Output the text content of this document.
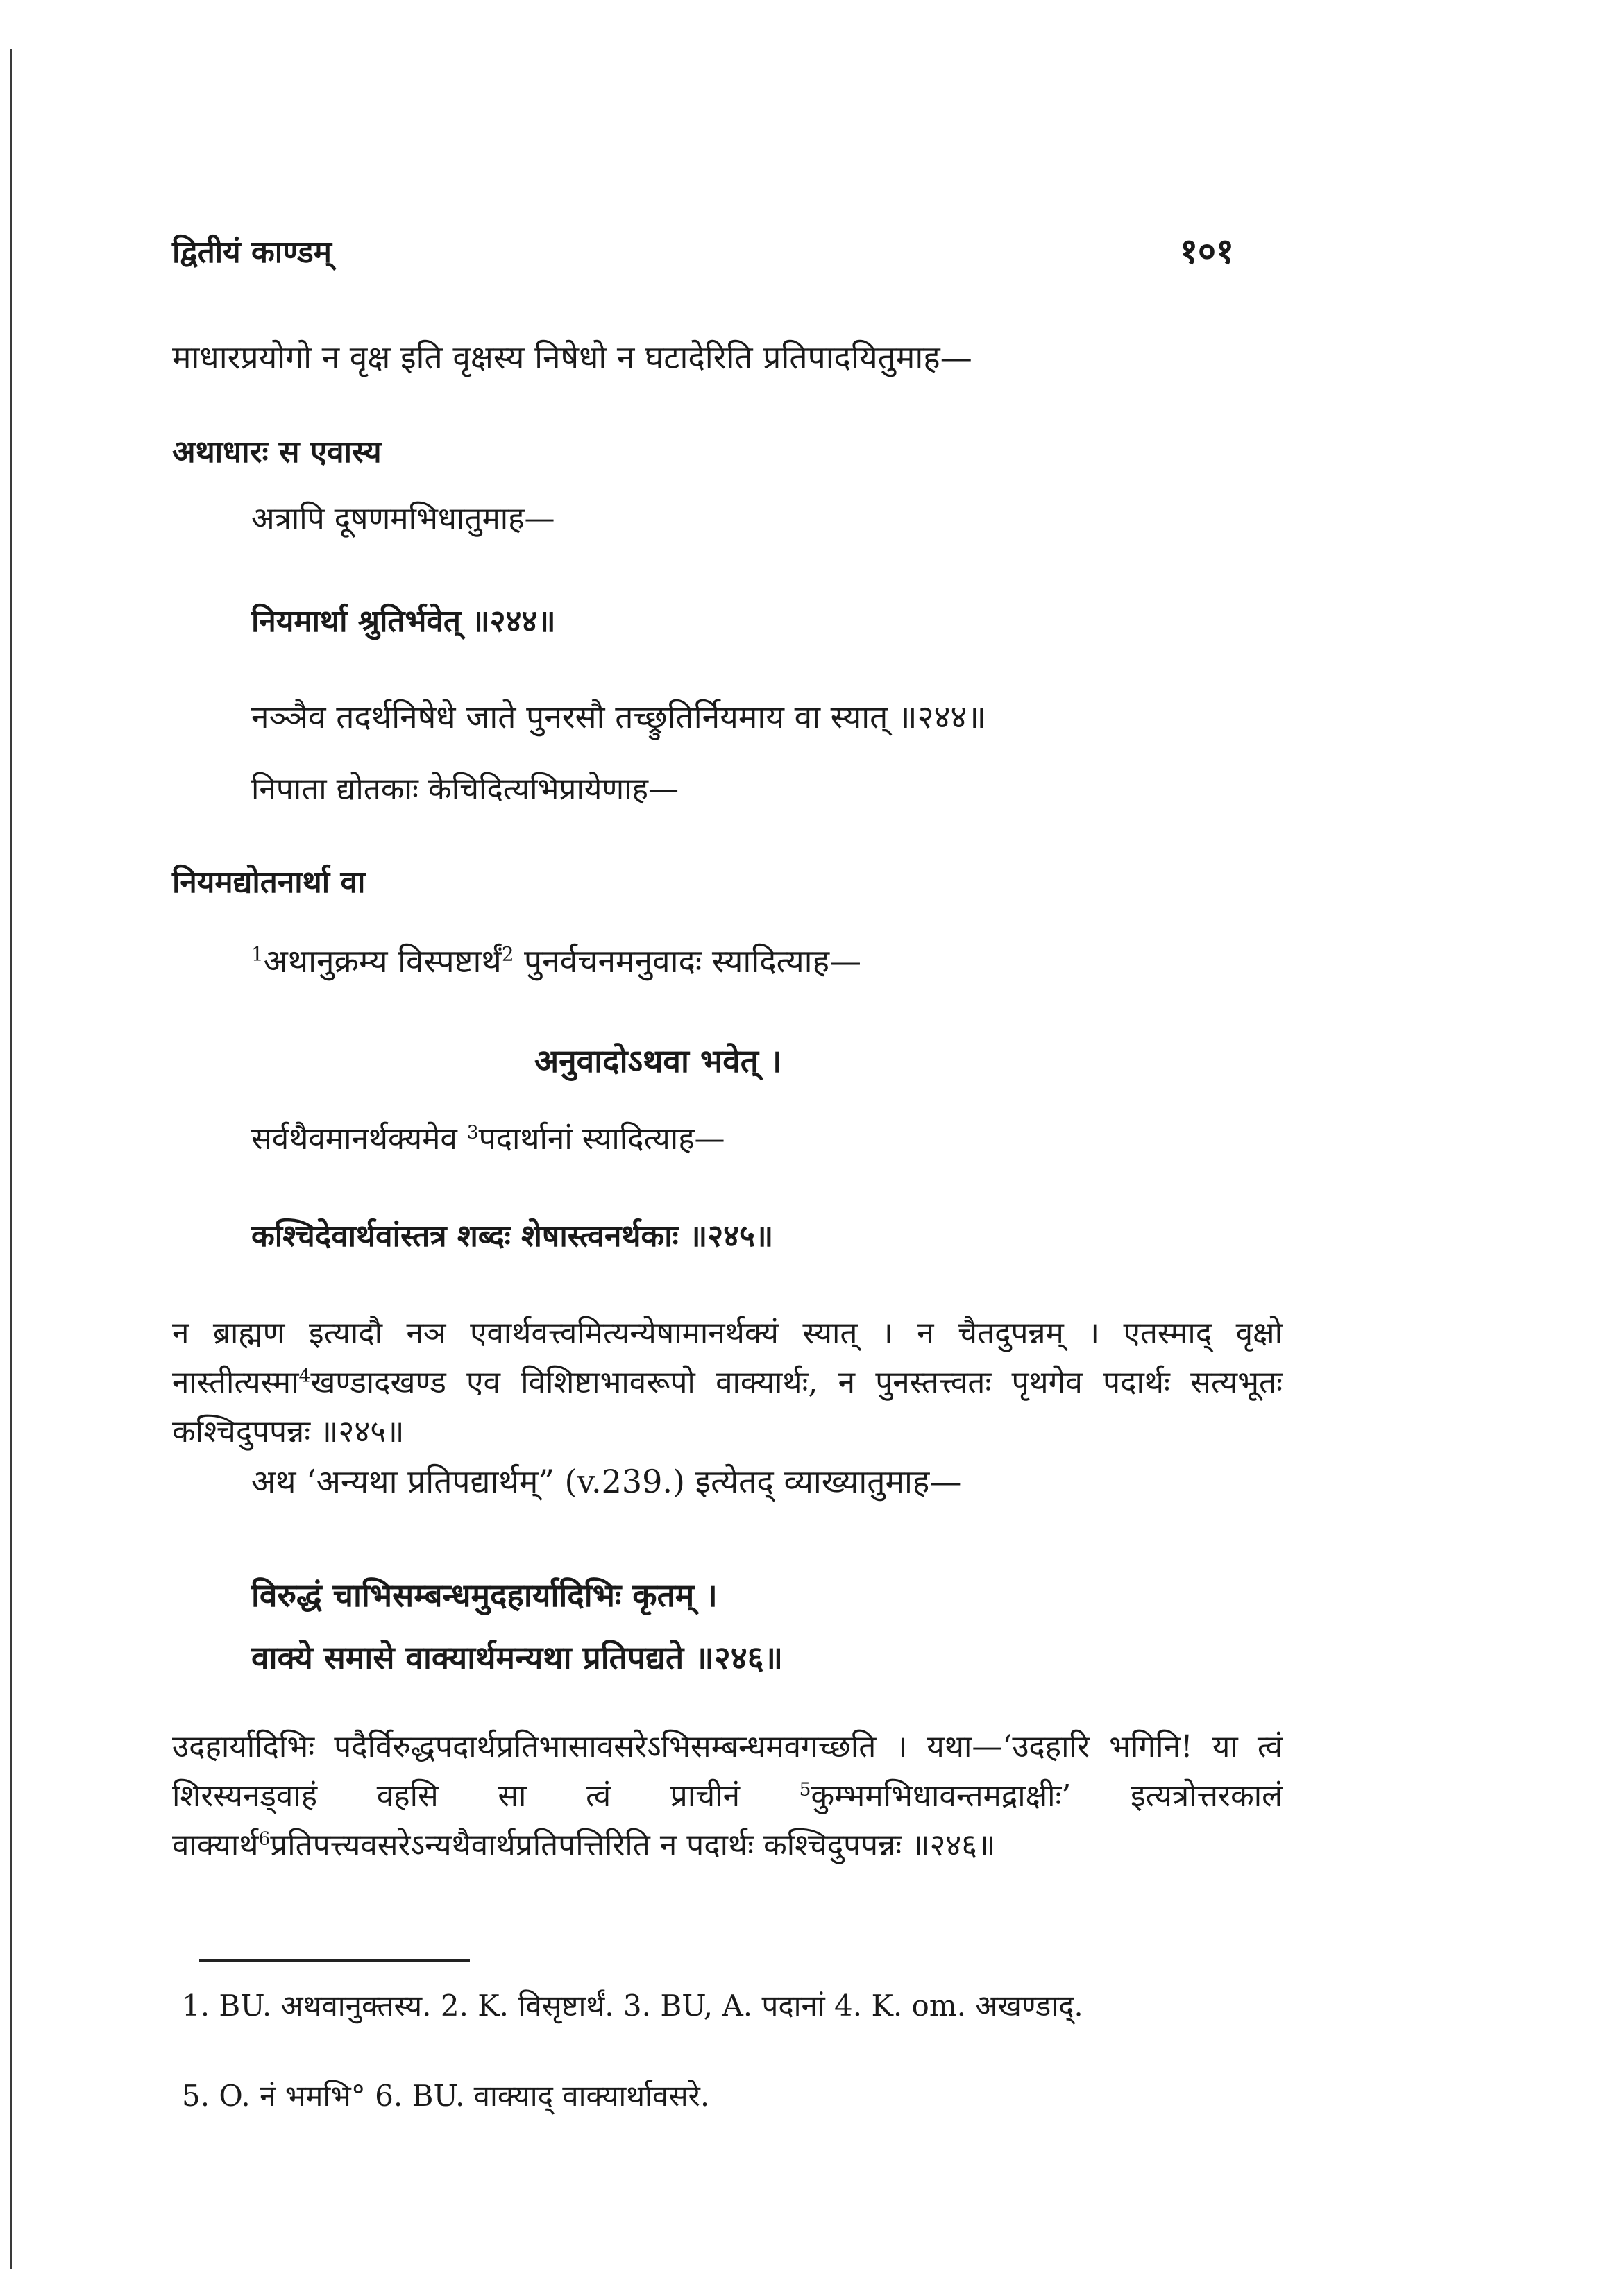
द्वितीयं काण्डम्	१०१
माधारप्रयोगो न वृक्ष इति वृक्षस्य निषेधो न घटादेरिति प्रतिपादयितुमाह—
अथाधारः स एवास्य
अत्रापि दूषणमभिधातुमाह—
नियमार्था श्रुतिर्भवेत् ॥२४४॥
नञ्ञैव तदर्थनिषेधे जाते पुनरसौ तच्छ्रुतिर्नियमाय वा स्यात् ॥२४४॥
निपाता द्योतकाः केचिदित्यभिप्रायेणाह—
नियमद्योतनार्था वा
$^1$अथानुक्रम्य विस्पष्टार्थं$^2$ पुनर्वचनमनुवादः स्यादित्याह—
अनुवादोऽथवा भवेत् ।
सर्वथैवमानर्थक्यमेव $^3$पदार्थानां स्यादित्याह—
कश्चिदेवार्थवांस्तत्र शब्दः शेषास्त्वनर्थकाः ॥२४५॥
न ब्राह्मण इत्यादौ नञ एवार्थवत्त्वमित्यन्येषामानर्थक्यं स्यात् । न चैतदुपन्नम् । एतस्माद् वृक्षो नास्तीत्यस्मा$^4$खण्डादखण्ड एव विशिष्टाभावरूपो वाक्यार्थः, न पुनस्तत्त्वतः पृथगेव पदार्थः सत्यभूतः कश्चिदुपपन्नः ॥२४५॥
अथ ‘अन्यथा प्रतिपद्यार्थम्” (v.239.) इत्येतद् व्याख्यातुमाह—
विरुद्धं चाभिसम्बन्धमुदहार्यादिभिः कृतम् ।
वाक्ये समासे वाक्यार्थमन्यथा प्रतिपद्यते ॥२४६॥
उदहार्यादिभिः पदैर्विरुद्धपदार्थप्रतिभासावसरेऽभिसम्बन्धमवगच्छति । यथा—‘उदहारि भगिनि! या त्वं शिरस्यनड्वाहं वहसि सा त्वं प्राचीनं $^5$कुम्भमभिधावन्तमद्राक्षीः’ इत्यत्रोत्तरकालं वाक्यार्थ$^6$प्रतिपत्त्यवसरेऽन्यथैवार्थप्रतिपत्तिरिति न पदार्थः कश्चिदुपपन्नः ॥२४६॥
1. BU. अथवानुक्तस्य. 2. K. विसृष्टार्थं. 3. BU, A. पदानां 4. K. om. अखण्डाद्.
5. O. नं भमभि° 6. BU. वाक्याद् वाक्यार्थावसरे.
